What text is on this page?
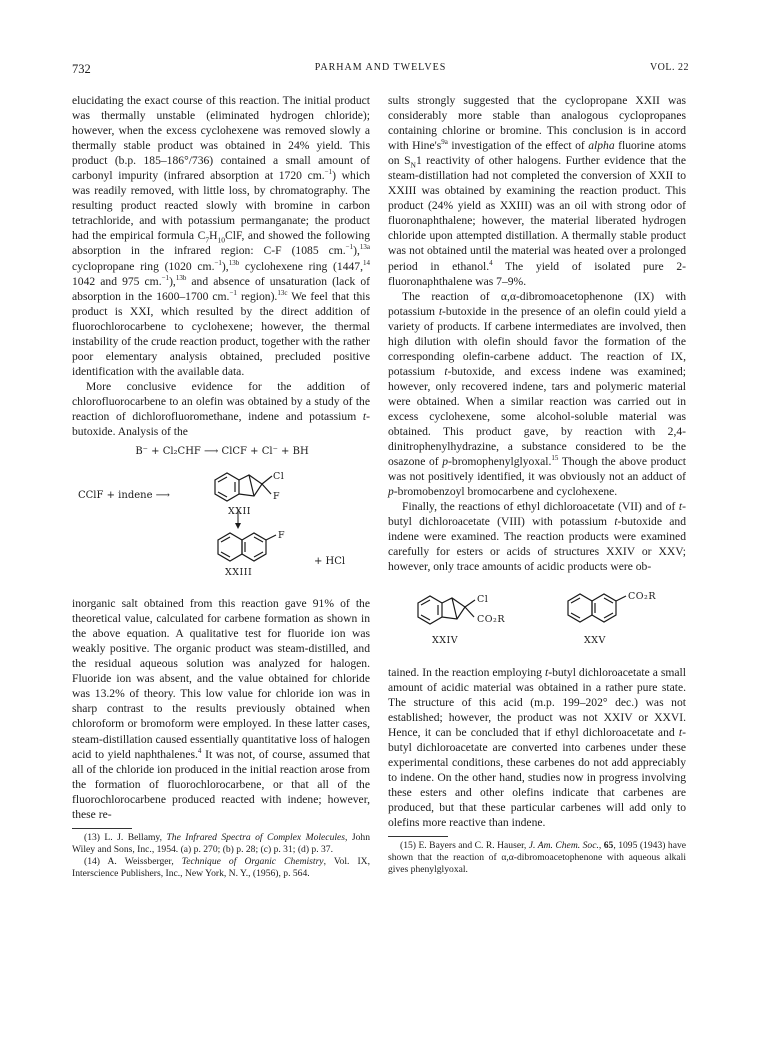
732	PARHAM AND TWELVES	VOL. 22

elucidating the exact course of this reaction. The initial product was thermally unstable (eliminated hydrogen chloride); however, when the excess cyclohexene was removed slowly a thermally stable product was obtained in 24% yield. This product (b.p. 185–186°/736) contained a small amount of carbonyl impurity (infrared absorption at 1720 cm.$^{-1}$) which was readily removed, with little loss, by chromatography. The resulting product reacted slowly with bromine in carbon tetrachloride, and with potassium permanganate; the product had the empirical formula $C_7H_{10}ClF$, and showed the following absorption in the infrared region: C-F (1085 cm.$^{-1}$),$^{13a}$ cyclopropane ring (1020 cm.$^{-1}$),$^{13b}$ cyclohexene ring (1447,14 1042 and 975 cm.$^{-1}$),$^{13b}$ and absence of unsaturation (lack of absorption in the 1600–1700 cm.$^{-1}$ region).$^{13c}$ We feel that this product is XXI, which resulted by the direct addition of fluorochlorocarbene to cyclohexene; however, the thermal instability of the crude reaction product, together with the rather poor elementary analysis obtained, precluded positive identification with the available data.

More conclusive evidence for the addition of chlorofluorocarbene to an olefin was obtained by a study of the reaction of dichlorofluoromethane, indene and potassium t-butoxide. Analysis of the

B⁻ + Cl₂CHF ⟶ ClCF + Cl⁻ + BH
CClF + indene ⟶
Cl
F
XXII
F
+ HCl
XXIII

inorganic salt obtained from this reaction gave 91% of the theoretical value, calculated for carbene formation as shown in the above equation. A qualitative test for fluoride ion was weakly positive. The organic product was steam-distilled, and the residual aqueous solution was analyzed for halogen. Fluoride ion was absent, and the value obtained for chloride was 13.2% of theory. This low value for chloride ion was in sharp contrast to the results previously obtained when chloroform or bromoform were employed. In these latter cases, steam-distillation caused essentially quantitative loss of halogen acid to yield naphthalenes.$^4$ It was not, of course, assumed that all of the chloride ion produced in the initial reaction arose from the formation of fluorochlorocarbene, or that all of the fluorochlorocarbene produced reacted with indene; however, these re-

(13) L. J. Bellamy, The Infrared Spectra of Complex Molecules, John Wiley and Sons, Inc., 1954. (a) p. 270; (b) p. 28; (c) p. 31; (d) p. 37.

(14) A. Weissberger, Technique of Organic Chemistry, Vol. IX, Interscience Publishers, Inc., New York, N. Y., (1956), p. 564.

sults strongly suggested that the cyclopropane XXII was considerably more stable than analogous cyclopropanes containing chlorine or bromine. This conclusion is in accord with $Hine's^{9a}$ investigation of the effect of alpha fluorine atoms on $S_N1$ reactivity of other halogens. Further evidence that the steam-distillation had not completed the conversion of XXII to XXIII was obtained by examining the reaction product. This product (24% yield as XXIII) was an oil with strong odor of fluoronaphthalene; however, the material liberated hydrogen chloride upon attempted distillation. A thermally stable product was not obtained until the material was heated over a prolonged period in ethanol.$^4$ The yield of isolated pure 2-fluoronaphthalene was 7–9%.

The reaction of α,α-dibromoacetophenone (IX) with potassium t-butoxide in the presence of an olefin could yield a variety of products. If carbene intermediates are involved, then high dilution with olefin should favor the formation of the corresponding olefin-carbene adduct. The reaction of IX, potassium t-butoxide, and excess indene was examined; however, only recovered indene, tars and polymeric material were obtained. When a similar reaction was carried out in excess cyclohexene, some alcohol-soluble material was obtained. This product gave, by reaction with 2,4-dinitrophenylhydrazine, a substance considered to be the osazone of p-bromophenylglyoxal.$^{15}$ Though the above product was not positively identified, it was obviously not an adduct of p-bromobenzoyl bromocarbene and cyclohexene.

Finally, the reactions of ethyl dichloroacetate (VII) and of t-butyl dichloroacetate (VIII) with potassium t-butoxide and indene were examined. The reaction products were examined carefully for esters or acids of structures XXIV or XXV; however, only trace amounts of acidic products were ob-

Cl
CO₂R
XXIV
CO₂R
XXV

tained. In the reaction employing t-butyl dichloroacetate a small amount of acidic material was obtained in a rather pure state. The structure of this acid (m.p. 199–202° dec.) was not established; however, the product was not XXIV or XXVI. Hence, it can be concluded that if ethyl dichloroacetate and t-butyl dichloroacetate are converted into carbenes under these experimental conditions, these carbenes do not add appreciably to indene. On the other hand, studies now in progress involving these esters and other olefins indicate that carbenes are produced, but that these particular carbenes will add only to olefins more reactive than indene.

(15) E. Bayers and C. R. Hauser, J. Am. Chem. Soc., 65, 1095 (1943) have shown that the reaction of α,α-dibromoacetophenone with aqueous alkali gives phenylglyoxal.
